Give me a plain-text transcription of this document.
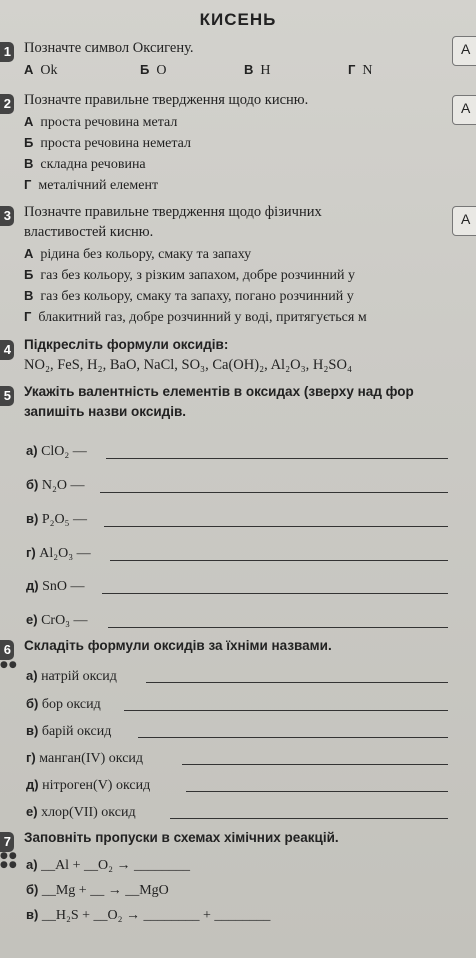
КИСЕНЬ
1 Позначте символ Оксигену.
А Ok	Б O	В H	Г N
А
2 Позначте правильне твердження щодо кисню.
А проста речовина метал
Б проста речовина неметал
В складна речовина
Г металічний елемент
А
3 Позначте правильне твердження щодо фізичних
властивостей кисню.
А рідина без кольору, смаку та запаху
Б газ без кольору, з різким запахом, добре розчинний у
В газ без кольору, смаку та запаху, погано розчинний у
Г блакитний газ, добре розчинний у воді, притягується м
А
4 Підкресліть формули оксидів:
NO₂, FeS, H₂, BaO, NaCl, SO₃, Ca(OH)₂, Al₂O₃, H₂SO₄
5 Укажіть валентність елементів в оксидах (зверху над фор
запишіть назви оксидів.
а) ClO₂ —
б) N₂O —
в) P₂O₅ —
г) Al₂O₃ —
д) SnO —
е) CrO₃ —
6
●●
Складіть формули оксидів за їхніми назвами.
а) натрій оксид
б) бор оксид
в) барій оксид
г) манган(IV) оксид
д) нітроген(V) оксид
е) хлор(VII) оксид
7
●●
●●
Заповніть пропуски в схемах хімічних реакцій.
а) __Al + __O₂ → ________
б) __Mg + __ → __MgO
в) __H₂S + __O₂ → ________ + ________
